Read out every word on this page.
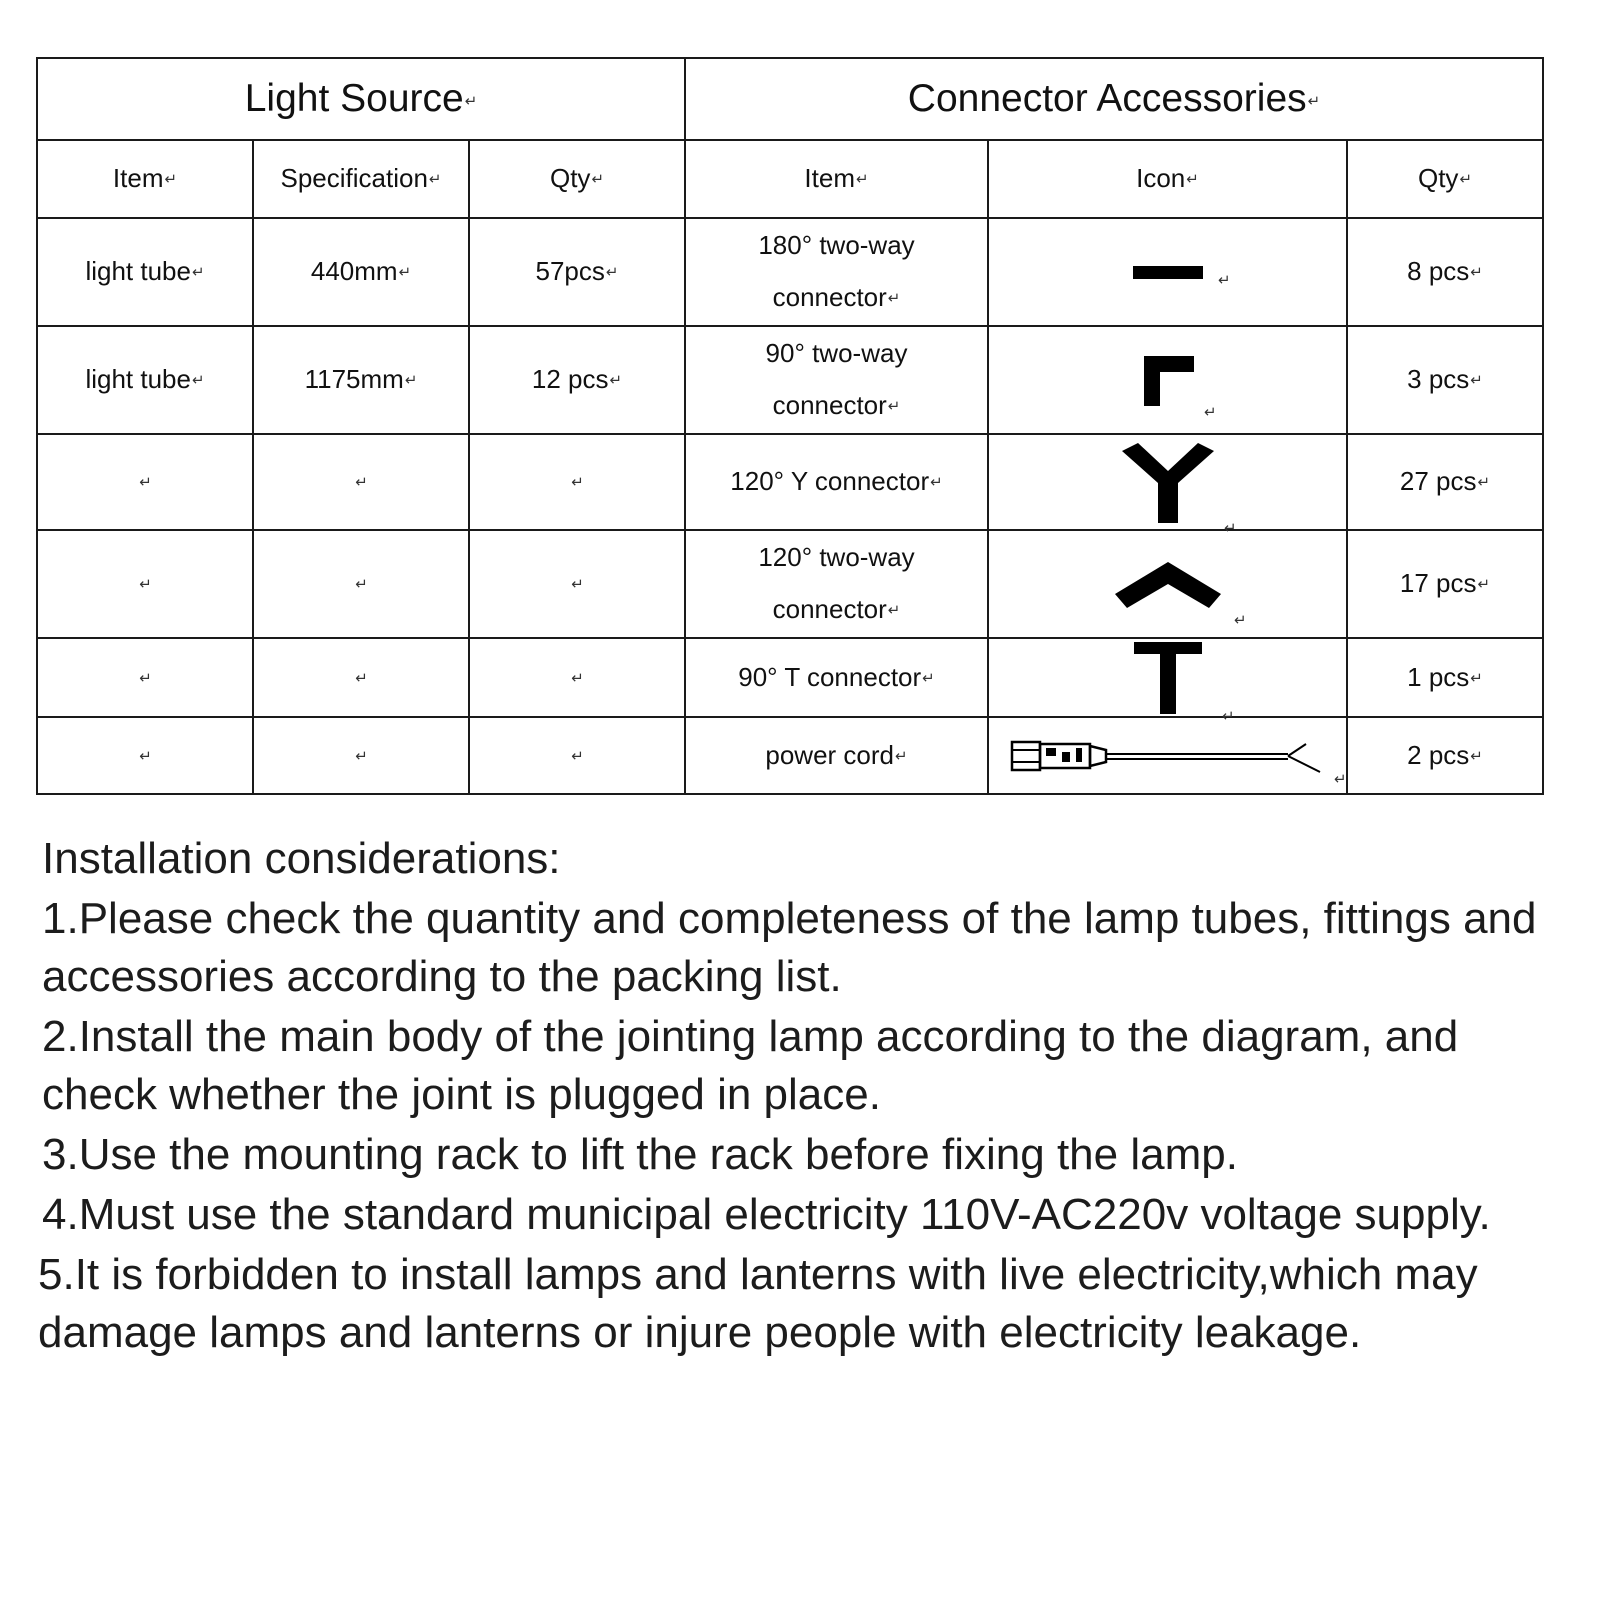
Light Source↵			Connector Accessories↵		
Item↵	Specification↵	Qty↵	Item↵	Icon↵	Qty↵
light tube↵	440mm↵	57pcs↵	180° two-way
connector↵	↵	8 pcs↵
light tube↵	1175mm↵	12 pcs↵	90° two-way
connector↵	↵	3 pcs↵
↵	↵	↵	120° Y connector↵	↵	27 pcs↵
↵	↵	↵	120° two-way
connector↵	↵	17 pcs↵
↵	↵	↵	90° T connector↵	↵	1 pcs↵
↵	↵	↵	power cord↵	↵	2 pcs↵

Installation considerations:

1.Please check the quantity and completeness of the lamp tubes, fittings and accessories according to the packing list.

2.Install the main body of the jointing lamp according to the diagram, and check whether the joint is plugged in place.

3.Use the mounting rack to lift the rack before fixing the lamp.

4.Must use the standard municipal electricity 110V-AC220v voltage supply.

5.It is forbidden to install lamps and lanterns with live electricity,which may damage lamps and lanterns or injure people with electricity leakage.
